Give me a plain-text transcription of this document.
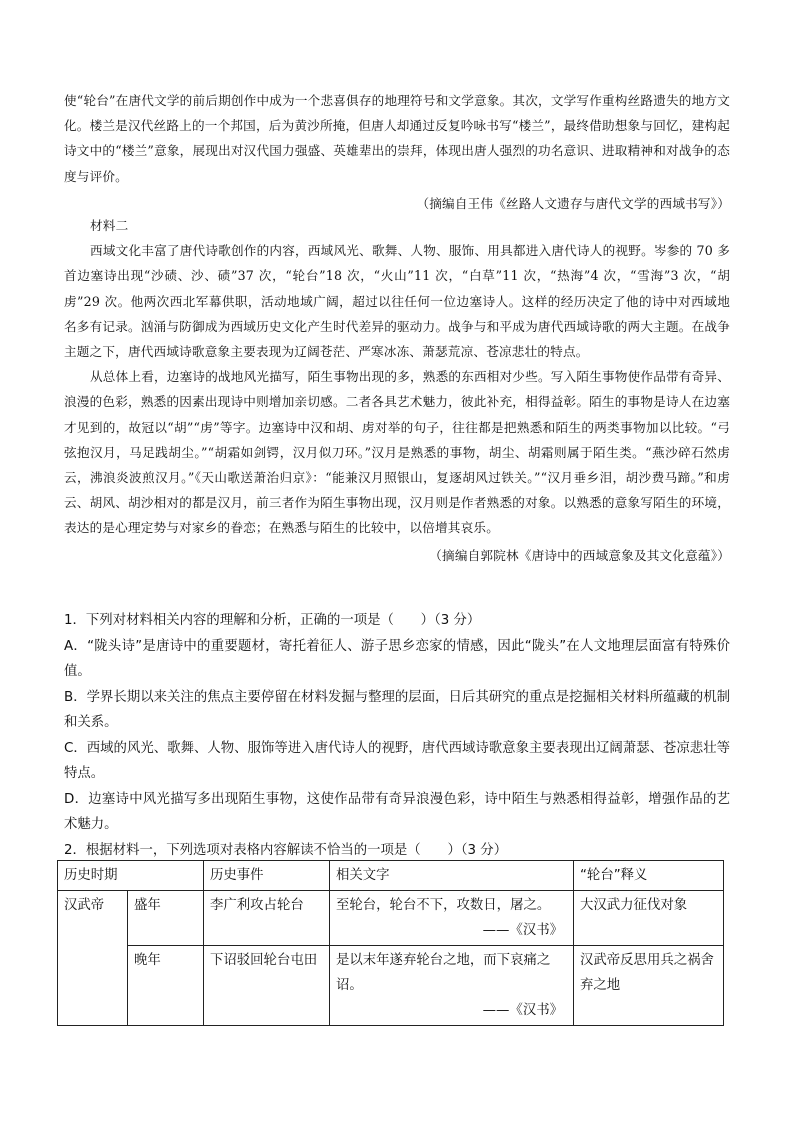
使“轮台”在唐代文学的前后期创作中成为一个悲喜俱存的地理符号和文学意象。其次，文学写作重构丝路遗失的地方文化。楼兰是汉代丝路上的一个邦国，后为黄沙所掩，但唐人却通过反复吟咏书写“楼兰”，最终借助想象与回忆，建构起诗文中的“楼兰”意象，展现出对汉代国力强盛、英雄辈出的崇拜，体现出唐人强烈的功名意识、进取精神和对战争的态度与评价。

（摘编自王伟《丝路人文遗存与唐代文学的西域书写》）

材料二

西域文化丰富了唐代诗歌创作的内容，西域风光、歌舞、人物、服饰、用具都进入唐代诗人的视野。岑参的 70 多首边塞诗出现“沙碛、沙、碛”37 次，“轮台”18 次，“火山”11 次，“白草”11 次，“热海”4 次，“雪海”3 次，“胡虏”29 次。他两次西北军幕供职，活动地域广阔，超过以往任何一位边塞诗人。这样的经历决定了他的诗中对西域地名多有记录。汹涌与防御成为西域历史文化产生时代差异的驱动力。战争与和平成为唐代西域诗歌的两大主题。在战争主题之下，唐代西域诗歌意象主要表现为辽阔苍茫、严寒冰冻、萧瑟荒凉、苍凉悲壮的特点。

从总体上看，边塞诗的战地风光描写，陌生事物出现的多，熟悉的东西相对少些。写入陌生事物使作品带有奇异、浪漫的色彩，熟悉的因素出现诗中则增加亲切感。二者各具艺术魅力，彼此补充，相得益彰。陌生的事物是诗人在边塞才见到的，故冠以“胡”“虏”等字。边塞诗中汉和胡、虏对举的句子，往往都是把熟悉和陌生的两类事物加以比较。“弓弦抱汉月，马足践胡尘。”“胡霜如剑锷，汉月似刀环。”汉月是熟悉的事物，胡尘、胡霜则属于陌生类。“燕沙碎石然虏云，沸浪炎波煎汉月。”《天山歌送萧治归京》：“能兼汉月照银山，复逐胡风过铁关。”“汉月垂乡泪，胡沙费马蹄。”和虏云、胡风、胡沙相对的都是汉月，前三者作为陌生事物出现，汉月则是作者熟悉的对象。以熟悉的意象写陌生的环境，表达的是心理定势与对家乡的眷恋；在熟悉与陌生的比较中，以倍增其哀乐。

（摘编自郭院林《唐诗中的西域意象及其文化意蕴》）

1．下列对材料相关内容的理解和分析，正确的一项是（　　）（3 分）

A．“陇头诗”是唐诗中的重要题材，寄托着征人、游子思乡恋家的情感，因此“陇头”在人文地理层面富有特殊价值。

B．学界长期以来关注的焦点主要停留在材料发掘与整理的层面，日后其研究的重点是挖掘相关材料所蕴藏的机制和关系。

C．西域的风光、歌舞、人物、服饰等进入唐代诗人的视野，唐代西域诗歌意象主要表现出辽阔萧瑟、苍凉悲壮等特点。

D．边塞诗中风光描写多出现陌生事物，这使作品带有奇异浪漫色彩，诗中陌生与熟悉相得益彰，增强作品的艺术魅力。

2．根据材料一，下列选项对表格内容解读不恰当的一项是（　　）（3 分）

历史时期		历史事件	相关文字	“轮台”释义
汉武帝	盛年	李广利攻占轮台	至轮台，轮台不下，攻数日，屠之。
——《汉书》	大汉武力征伐对象
	晚年	下诏驳回轮台屯田	是以末年遂弃轮台之地，而下哀痛之诏。
——《汉书》	汉武帝反思用兵之祸舍弃之地
